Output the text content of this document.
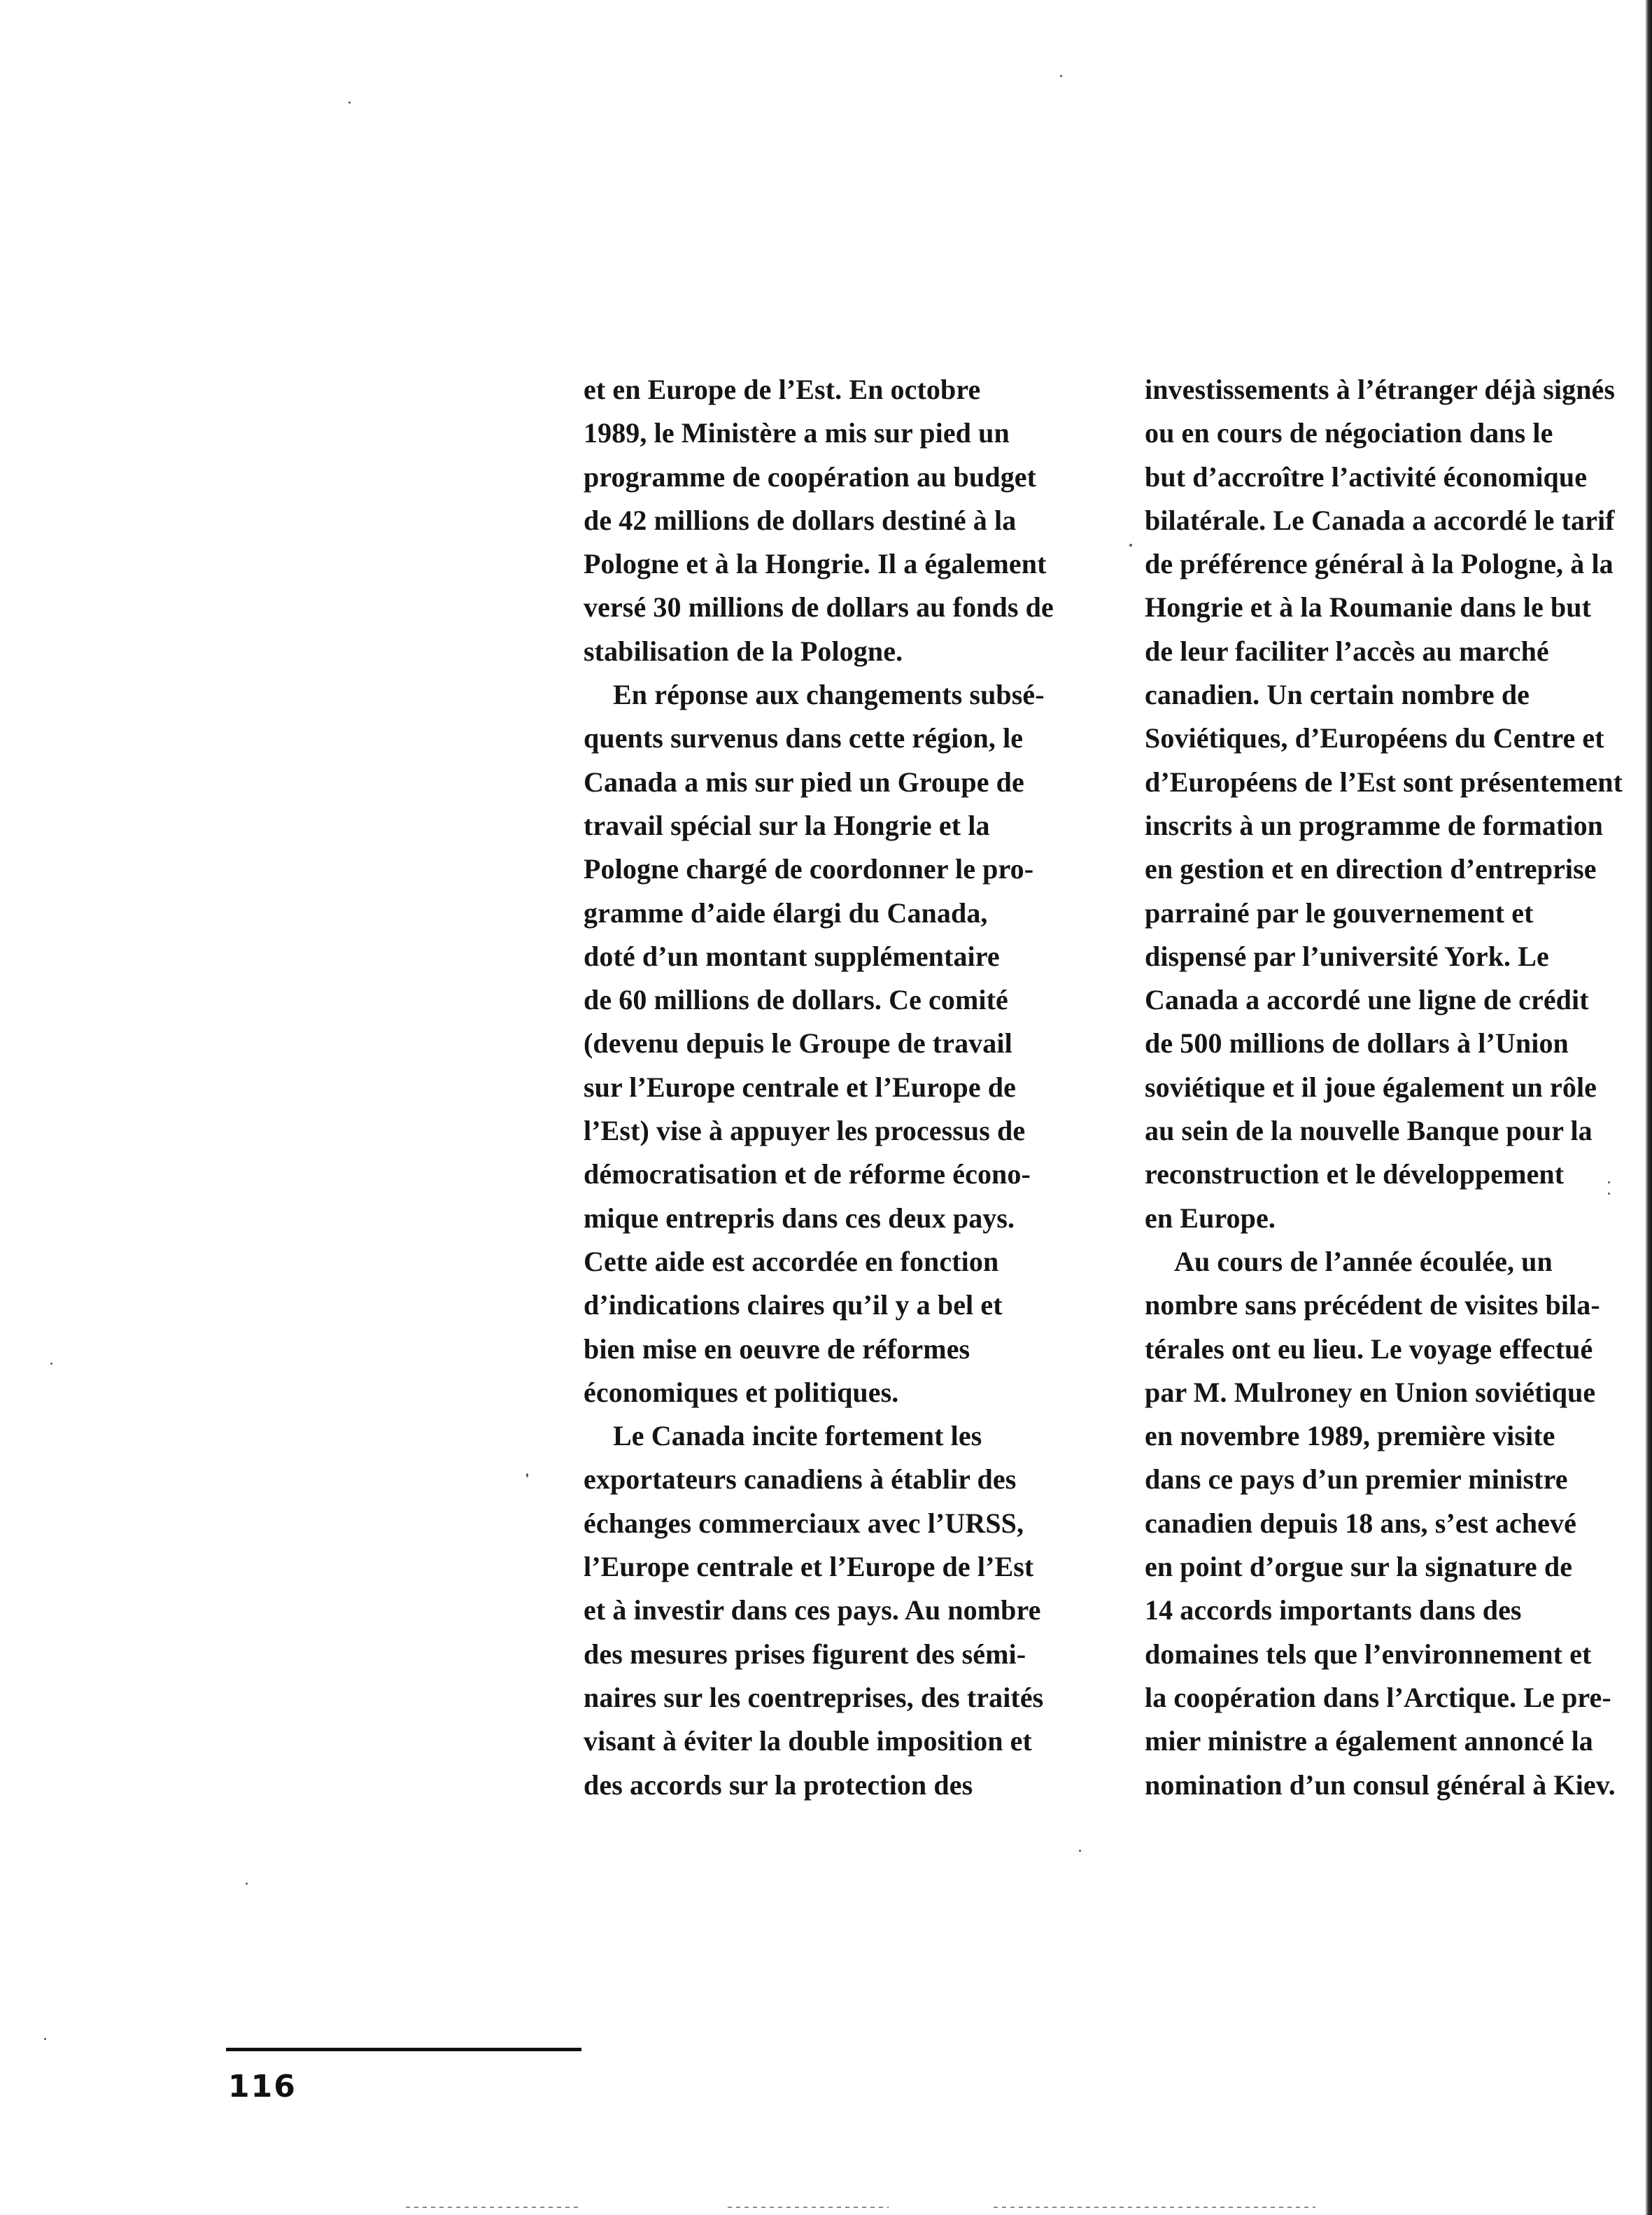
et en Europe de l’Est. En octobre
1989, le Ministère a mis sur pied un
programme de coopération au budget
de 42 millions de dollars destiné à la
Pologne et à la Hongrie. Il a également
versé 30 millions de dollars au fonds de
stabilisation de la Pologne.

En réponse aux changements subsé-
quents survenus dans cette région, le
Canada a mis sur pied un Groupe de
travail spécial sur la Hongrie et la
Pologne chargé de coordonner le pro-
gramme d’aide élargi du Canada,
doté d’un montant supplémentaire
de 60 millions de dollars. Ce comité
(devenu depuis le Groupe de travail
sur l’Europe centrale et l’Europe de
l’Est) vise à appuyer les processus de
démocratisation et de réforme écono-
mique entrepris dans ces deux pays.
Cette aide est accordée en fonction
d’indications claires qu’il y a bel et
bien mise en oeuvre de réformes
économiques et politiques.

Le Canada incite fortement les
exportateurs canadiens à établir des
échanges commerciaux avec l’URSS,
l’Europe centrale et l’Europe de l’Est
et à investir dans ces pays. Au nombre
des mesures prises figurent des sémi-
naires sur les coentreprises, des traités
visant à éviter la double imposition et
des accords sur la protection des

investissements à l’étranger déjà signés
ou en cours de négociation dans le
but d’accroître l’activité économique
bilatérale. Le Canada a accordé le tarif
de préférence général à la Pologne, à la
Hongrie et à la Roumanie dans le but
de leur faciliter l’accès au marché
canadien. Un certain nombre de
Soviétiques, d’Européens du Centre et
d’Européens de l’Est sont présentement
inscrits à un programme de formation
en gestion et en direction d’entreprise
parrainé par le gouvernement et
dispensé par l’université York. Le
Canada a accordé une ligne de crédit
de 500 millions de dollars à l’Union
soviétique et il joue également un rôle
au sein de la nouvelle Banque pour la
reconstruction et le développement
en Europe.

Au cours de l’année écoulée, un
nombre sans précédent de visites bila-
térales ont eu lieu. Le voyage effectué
par M. Mulroney en Union soviétique
en novembre 1989, première visite
dans ce pays d’un premier ministre
canadien depuis 18 ans, s’est achevé
en point d’orgue sur la signature de
14 accords importants dans des
domaines tels que l’environnement et
la coopération dans l’Arctique. Le pre-
mier ministre a également annoncé la
nomination d’un consul général à Kiev.

116
